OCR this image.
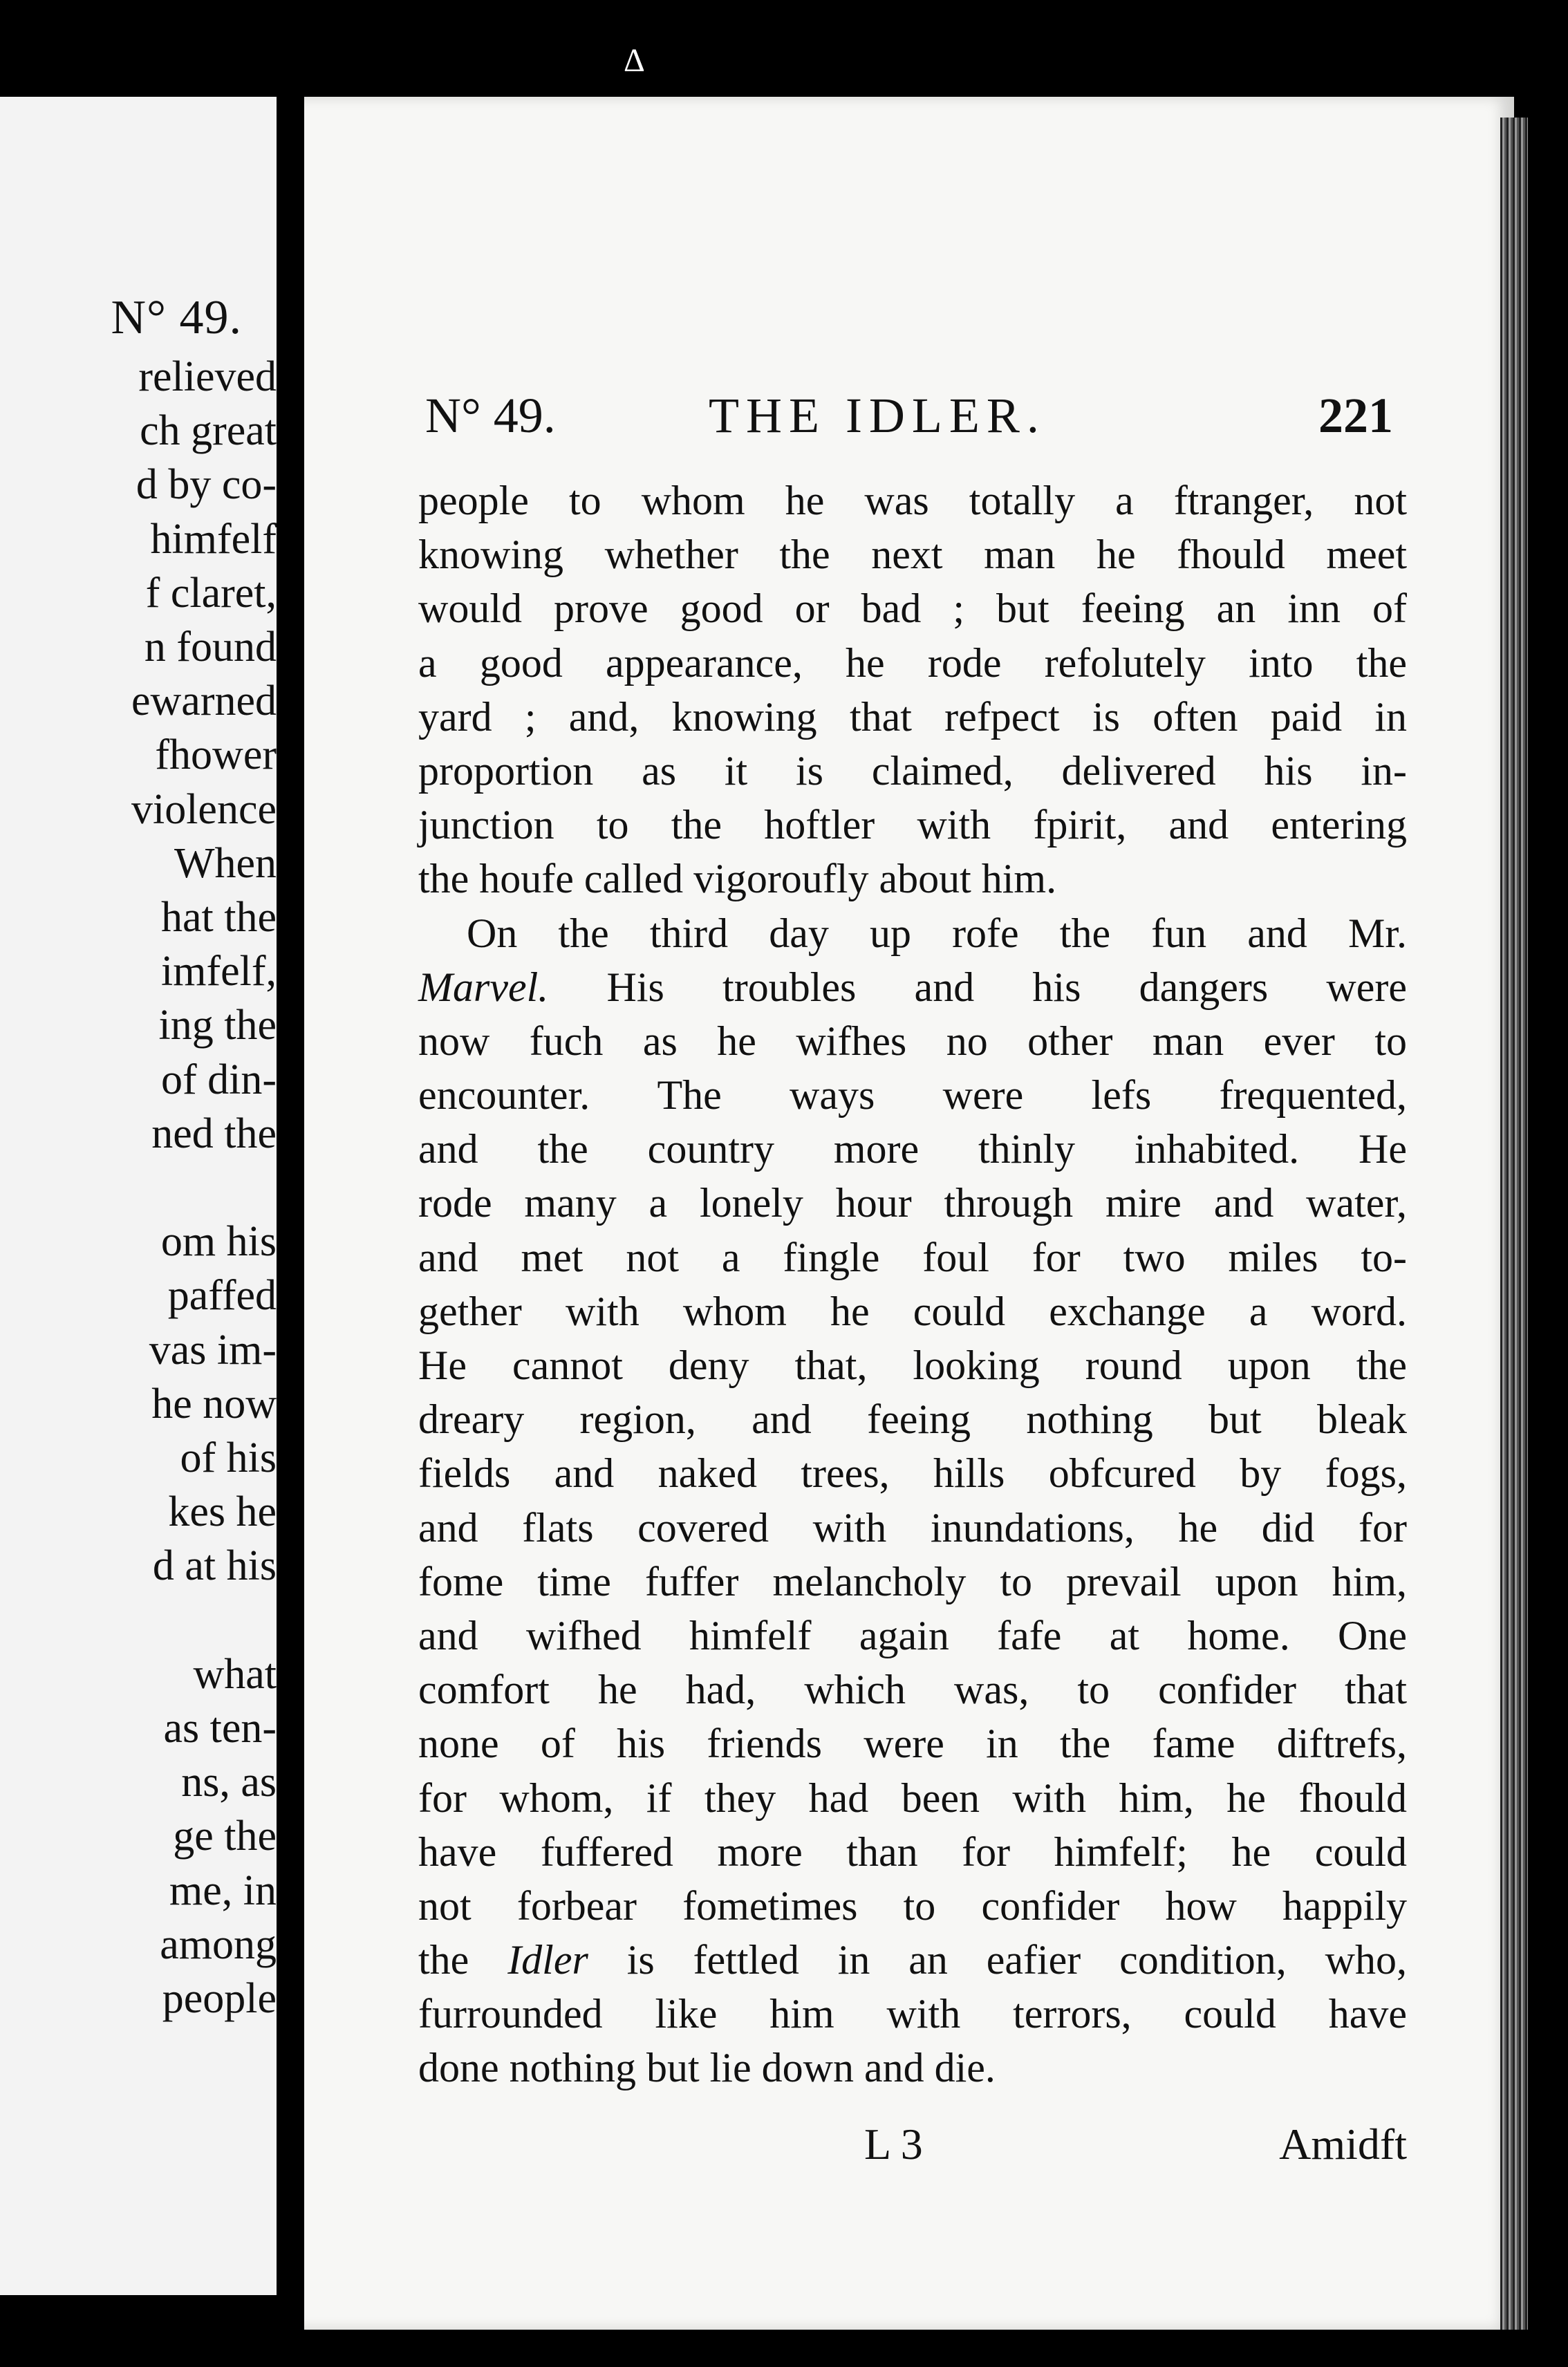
Δ
N° 49.
relieved
ch great
d by co-
himfelf
f claret,
n found
ewarned
fhower
violence
When
hat the
imfelf,
ing the
of din-
ned the
om his
paffed
vas im-
he now
of his
kes he
d at his
what
as ten-
ns, as
ge the
me, in
among
people
N° 49.	THE IDLER.	221
people to whom he was totally a ftranger, not
knowing whether the next man he fhould meet
would prove good or bad ; but feeing an inn of
a good appearance, he rode refolutely into the
yard ; and, knowing that refpect is often paid in
proportion as it is claimed, delivered his in-
junction to the hoftler with fpirit, and entering
the houfe called vigoroufly about him.
On the third day up rofe the fun and Mr.
Marvel. His troubles and his dangers were
now fuch as he wifhes no other man ever to
encounter. The ways were lefs frequented,
and the country more thinly inhabited. He
rode many a lonely hour through mire and water,
and met not a fingle foul for two miles to-
gether with whom he could exchange a word.
He cannot deny that, looking round upon the
dreary region, and feeing nothing but bleak
fields and naked trees, hills obfcured by fogs,
and flats covered with inundations, he did for
fome time fuffer melancholy to prevail upon him,
and wifhed himfelf again fafe at home. One
comfort he had, which was, to confider that
none of his friends were in the fame diftrefs,
for whom, if they had been with him, he fhould
have fuffered more than for himfelf; he could
not forbear fometimes to confider how happily
the Idler is fettled in an eafier condition, who,
furrounded like him with terrors, could have
done nothing but lie down and die.
L 3	Amidft
